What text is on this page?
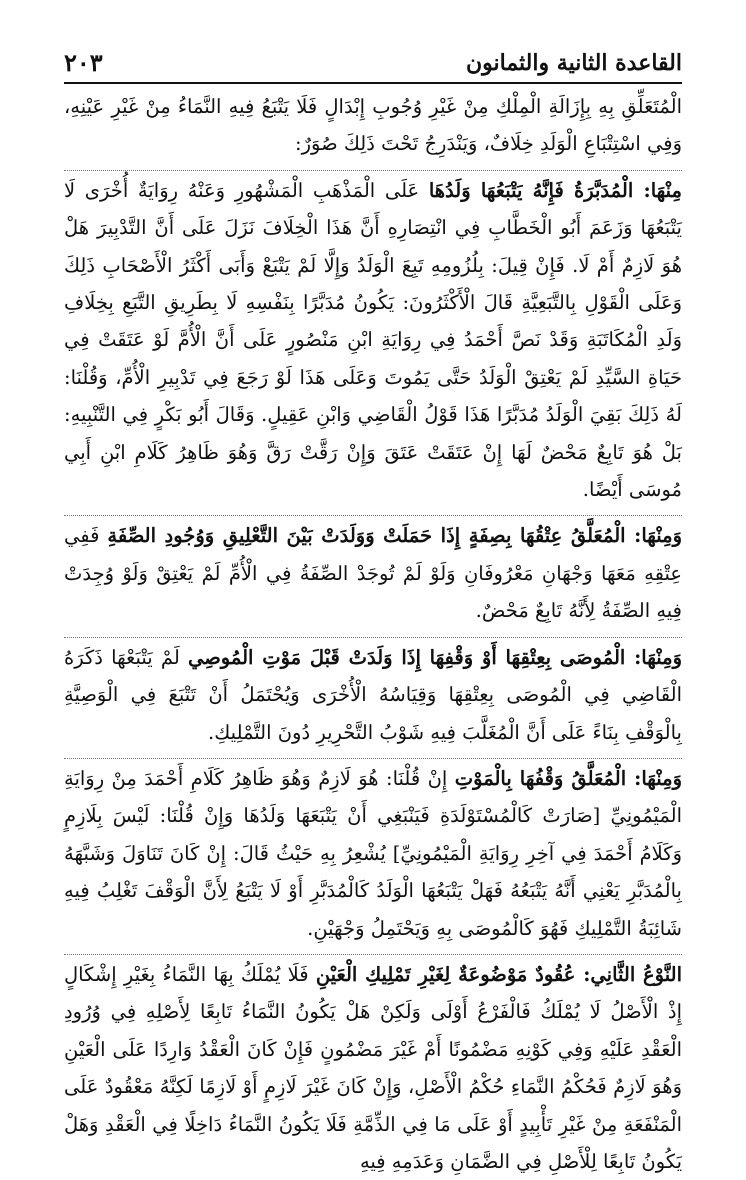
القاعدة الثانية والثمانون
٢٠٣

الْمُتَعَلِّقِ بِهِ بِإِزَالَةِ الْمِلْكِ مِنْ غَيْرِ وُجُوبِ إِبْدَالٍ فَلَا يَتْبَعُ فِيهِ النَّمَاءُ مِنْ غَيْرِ عَيْنِهِ، وَفِي اسْتِتْبَاعِ الْوَلَدِ خِلَافٌ، وَيَنْدَرِجُ تَحْتَ ذَلِكَ صُوَرٌ:

مِنْهَا: الْمُدَبَّرَةُ فَإِنَّهُ يَتْبَعُهَا وَلَدُهَا عَلَى الْمَذْهَبِ الْمَشْهُورِ وَعَنْهُ رِوَايَةٌ أُخْرَى لَا يَتْبَعُهَا وَزَعَمَ أَبُو الْخَطَّابِ فِي انْتِصَارِهِ أَنَّ هَذَا الْخِلَافَ نَزَلَ عَلَى أَنَّ التَّدْبِيرَ هَلْ هُوَ لَازِمٌ أَمْ لَا. فَإِنْ قِيلَ: بِلُزُومِهِ تَبِعَ الْوَلَدُ وَإِلَّا لَمْ يَتْبَعْ وَأَبَى أَكْثَرُ الْأَصْحَابِ ذَلِكَ وَعَلَى الْقَوْلِ بِالتَّبَعِيَّةِ قَالَ الْأَكْثَرُونَ: يَكُونُ مُدَبَّرًا بِنَفْسِهِ لَا بِطَرِيقِ التَّبَعِ بِخِلَافِ وَلَدِ الْمُكَاتَبَةِ وَقَدْ نَصَّ أَحْمَدُ فِي رِوَايَةِ ابْنِ مَنْصُورٍ عَلَى أَنَّ الْأُمَّ لَوْ عَتَقَتْ فِي حَيَاةِ السَّيِّدِ لَمْ يَعْتِقْ الْوَلَدُ حَتَّى يَمُوتَ وَعَلَى هَذَا لَوْ رَجَعَ فِي تَدْبِيرِ الْأُمِّ، وَقُلْنَا: لَهُ ذَلِكَ بَقِيَ الْوَلَدُ مُدَبَّرًا هَذَا قَوْلُ الْقَاضِي وَابْنِ عَقِيلٍ. وَقَالَ أَبُو بَكْرٍ فِي التَّنْبِيهِ: بَلْ هُوَ تَابِعٌ مَحْضٌ لَهَا إِنْ عَتَقَتْ عَتَقَ وَإِنْ رَقَّتْ رَقَّ وَهُوَ ظَاهِرُ كَلَامِ ابْنِ أَبِي مُوسَى أَيْضًا.

وَمِنْهَا: الْمُعَلَّقُ عِتْقُهَا بِصِفَةٍ إِذَا حَمَلَتْ وَوَلَدَتْ بَيْنَ التَّعْلِيقِ وَوُجُودِ الصِّفَةِ فَفِي عِتْقِهِ مَعَهَا وَجْهَانِ مَعْرُوفَانِ وَلَوْ لَمْ تُوجَدْ الصِّفَةُ فِي الْأُمِّ لَمْ يَعْتِقْ وَلَوْ وُجِدَتْ فِيهِ الصِّفَةُ لِأَنَّهُ تَابِعٌ مَحْضٌ.

وَمِنْهَا: الْمُوصَى بِعِتْقِهَا أَوْ وَقْفِهَا إِذَا وَلَدَتْ قَبْلَ مَوْتِ الْمُوصِي لَمْ يَتْبَعْهَا ذَكَرَهُ الْقَاضِي فِي الْمُوصَى بِعِتْقِهَا وَقِيَاسُهُ الْأُخْرَى وَيُحْتَمَلُ أَنْ تَتْبَعَ فِي الْوَصِيَّةِ بِالْوَقْفِ بِنَاءً عَلَى أَنَّ الْمُغَلَّبَ فِيهِ شَوْبُ التَّحْرِيرِ دُونَ التَّمْلِيكِ.

وَمِنْهَا: الْمُعَلَّقُ وَقْفُهَا بِالْمَوْتِ إِنْ قُلْنَا: هُوَ لَازِمٌ وَهُوَ ظَاهِرُ كَلَامِ أَحْمَدَ مِنْ رِوَايَةِ الْمَيْمُونِيِّ [صَارَتْ كَالْمُسْتَوْلَدَةِ فَيَنْبَغِي أَنْ يَتْبَعَهَا وَلَدُهَا وَإِنْ قُلْنَا: لَيْسَ بِلَازِمٍ وَكَلَامُ أَحْمَدَ فِي آخِرِ رِوَايَةِ الْمَيْمُونِيِّ] يُشْعِرُ بِهِ حَيْثُ قَالَ: إِنْ كَانَ تَنَاوَلَ وَشَبَّهَهُ بِالْمُدَبَّرِ يَعْنِي أَنَّهُ يَتْبَعُهُ فَهَلْ يَتْبَعُهَا الْوَلَدُ كَالْمُدَبَّرِ أَوْ لَا يَتْبَعُ لِأَنَّ الْوَقْفَ تَغْلِبُ فِيهِ شَائِبَةُ التَّمْلِيكِ فَهُوَ كَالْمُوصَى بِهِ وَيَحْتَمِلُ وَجْهَيْنِ.

النَّوْعُ الثَّانِي: عُقُودٌ مَوْضُوعَةٌ لِغَيْرِ تَمْلِيكِ الْعَيْنِ فَلَا يُمْلَكُ بِهَا النَّمَاءُ بِغَيْرِ إِشْكَالٍ إِذْ الْأَصْلُ لَا يُمْلَكُ فَالْفَرْعُ أَوْلَى وَلَكِنْ هَلْ يَكُونُ النَّمَاءُ تَابِعًا لِأَصْلِهِ فِي وُرُودِ الْعَقْدِ عَلَيْهِ وَفِي كَوْنِهِ مَضْمُونًا أَمْ غَيْرَ مَضْمُونٍ فَإِنْ كَانَ الْعَقْدُ وَارِدًا عَلَى الْعَيْنِ وَهُوَ لَازِمٌ فَحُكْمُ النَّمَاءِ حُكْمُ الْأَصْلِ، وَإِنْ كَانَ غَيْرَ لَازِمٍ أَوْ لَازِمًا لَكِنَّهُ مَعْقُودٌ عَلَى الْمَنْفَعَةِ مِنْ غَيْرِ تَأْبِيدٍ أَوْ عَلَى مَا فِي الذِّمَّةِ فَلَا يَكُونُ النَّمَاءُ دَاخِلًا فِي الْعَقْدِ وَهَلْ يَكُونُ تَابِعًا لِلْأَصْلِ فِي الضَّمَانِ وَعَدَمِهِ فِيهِ
